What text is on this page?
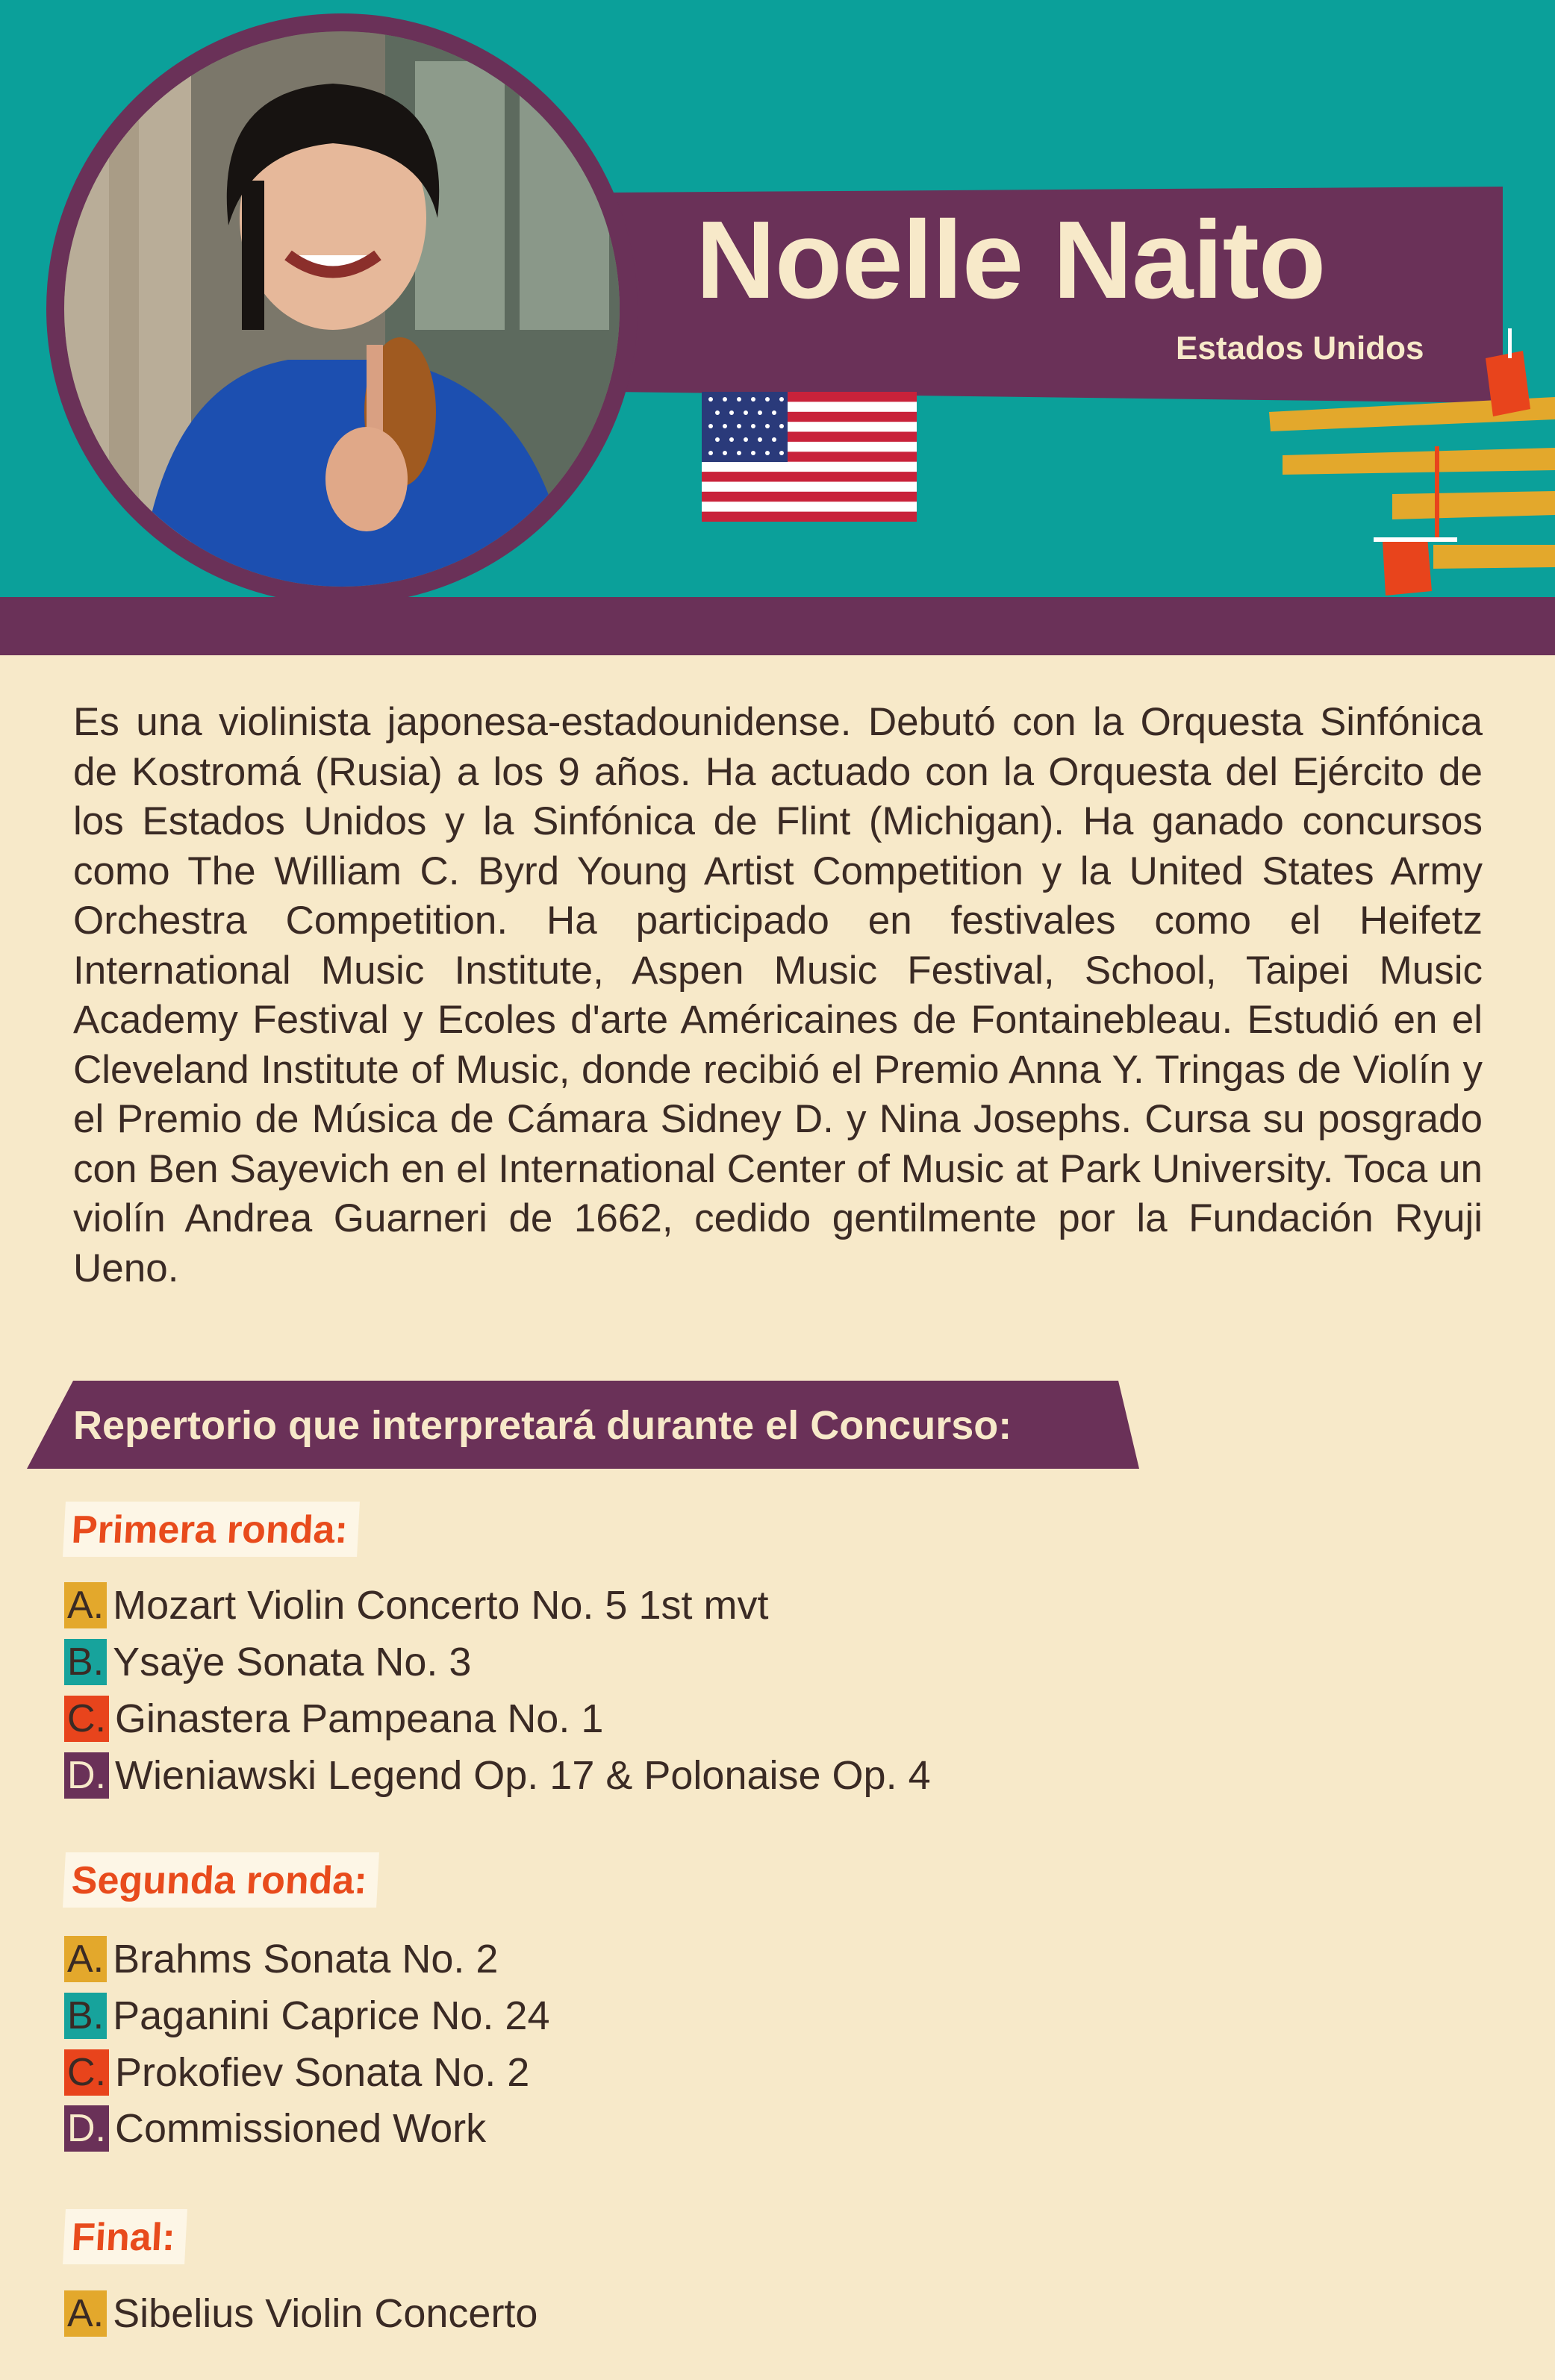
Noelle Naito
Estados Unidos
Es una violinista japonesa-estadounidense. Debutó con la Orquesta Sinfónica de Kostromá (Rusia) a los 9 años. Ha actuado con la Orquesta del Ejército de los Estados Unidos y la Sinfónica de Flint (Michigan). Ha ganado concursos como The William C. Byrd Young Artist Competition y la United States Army Orchestra Competition. Ha participado en festivales como el Heifetz International Music Institute, Aspen Music Festival, School, Taipei Music Academy Festival y Ecoles d'arte Américaines de Fontainebleau. Estudió en el Cleveland Institute of Music, donde recibió el Premio Anna Y. Tringas de Violín y el Premio de Música de Cámara Sidney D. y Nina Josephs. Cursa su posgrado con Ben Sayevich en el International Center of Music at Park University. Toca un violín Andrea Guarneri de 1662, cedido gentilmente por la Fundación Ryuji Ueno.
Repertorio que interpretará durante el Concurso:
Primera ronda:
A. Mozart Violin Concerto No. 5 1st mvt
B. Ysaÿe Sonata No. 3
C. Ginastera Pampeana No. 1
D. Wieniawski Legend Op. 17 & Polonaise Op. 4
Segunda ronda:
A. Brahms Sonata No. 2
B. Paganini Caprice No. 24
C. Prokofiev Sonata No. 2
D. Commissioned Work
Final:
A. Sibelius Violin Concerto
